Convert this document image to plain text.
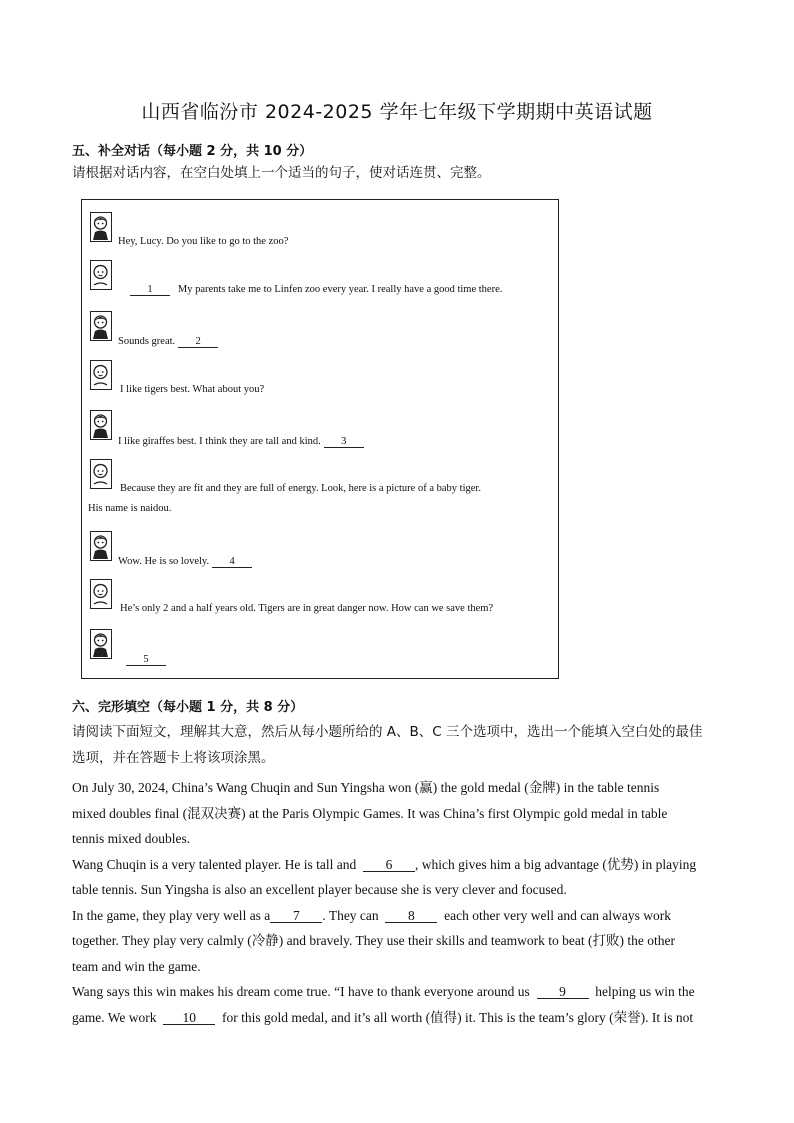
山西省临汾市 2024-2025 学年七年级下学期期中英语试题
五、补全对话（每小题 2 分，共 10 分）
请根据对话内容，在空白处填上一个适当的句子，使对话连贯、完整。
Hey, Lucy. Do you like to go to the zoo?
1 My parents take me to Linfen zoo every year. I really have a good time there.
Sounds great. 2
I like tigers best. What about you?
I like giraffes best. I think they are tall and kind. 3
Because they are fit and they are full of energy. Look, here is a picture of a baby tiger.
His name is naidou.
Wow. He is so lovely. 4
He’s only 2 and a half years old. Tigers are in great danger now. How can we save them?
5
六、完形填空（每小题 1 分，共 8 分）
请阅读下面短文，理解其大意，然后从每小题所给的 A、B、C 三个选项中，选出一个能填入空白处的最佳
选项，并在答题卡上将该项涂黑。

On July 30, 2024, China’s Wang Chuqin and Sun Yingsha won (赢) the gold medal (金牌) in the table tennis

mixed doubles final (混双决赛) at the Paris Olympic Games. It was China’s first Olympic gold medal in table

tennis mixed doubles.

Wang Chuqin is a very talented player. He is tall and 6 , which gives him a big advantage (优势) in playing

table tennis. Sun Yingsha is also an excellent player because she is very clever and focused.

In the game, they play very well as a 7 . They can 8 each other very well and can always work

together. They play very calmly (冷静) and bravely. They use their skills and teamwork to beat (打败) the other

team and win the game.

Wang says this win makes his dream come true. “I have to thank everyone around us 9 helping us win the

game. We work 10 for this gold medal, and it’s all worth (值得) it. This is the team’s glory (荣誉). It is not
